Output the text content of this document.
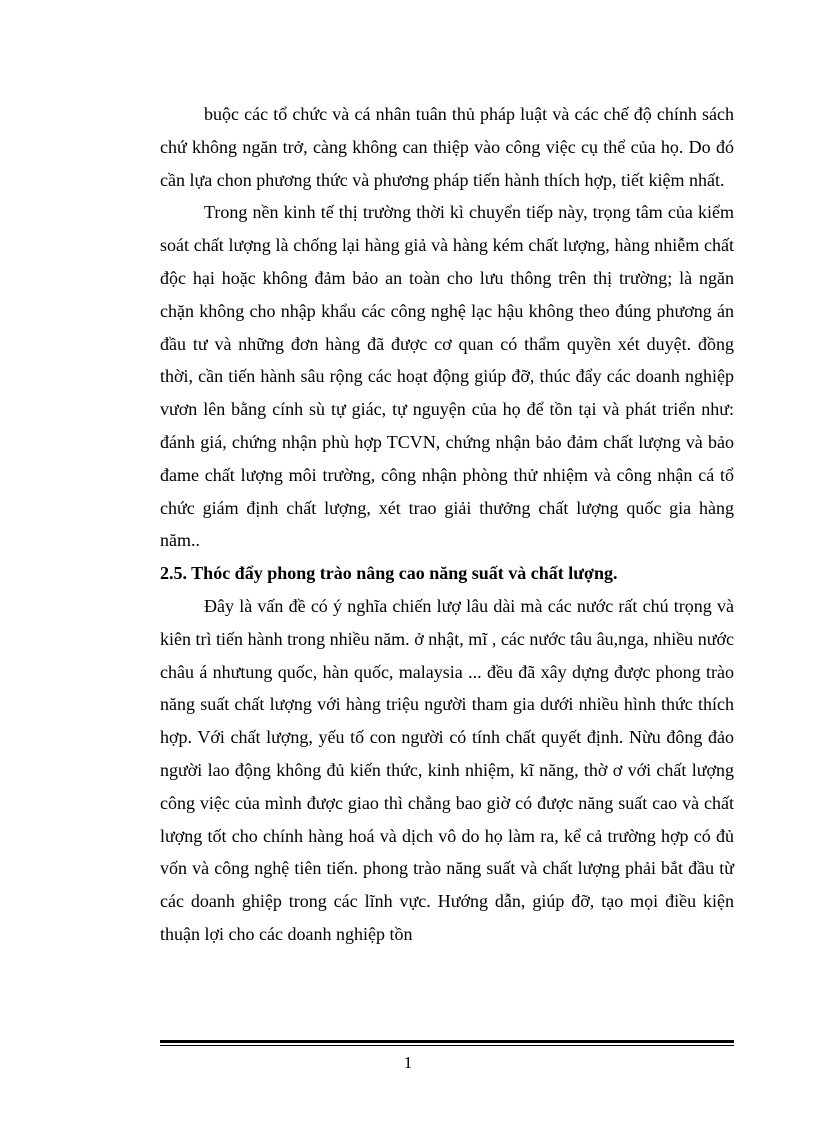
buộc các tổ chức và cá nhân tuân thủ pháp luật và các chế độ chính sách chứ không ngăn trở, càng không can thiệp vào công việc cụ thể của họ. Do đó cần lựa chon phương thức và phương pháp tiến hành thích hợp, tiết kiệm nhất.

Trong nền kinh tế thị trường thời kì chuyển tiếp này, trọng tâm của kiểm soát chất lượng là chống lại hàng giả và hàng kém chất lượng, hàng nhiễm chất độc hại hoặc không đảm bảo an toàn cho lưu thông trên thị trường; là ngăn chặn không cho nhập khẩu các công nghệ lạc hậu không theo đúng phương án đầu tư và những đơn hàng đã được cơ quan có thẩm quyền xét duyệt. đồng thời, cần tiến hành sâu rộng các hoạt động giúp đỡ, thúc đẩy các doanh nghiệp vươn lên bằng cính sù tự giác, tự nguyện của họ để tồn tại và phát triển như: đánh giá, chứng nhận phù hợp TCVN, chứng nhận bảo đảm chất lượng và bảo đame chất lượng môi trường, công nhận phòng thử nhiệm và công nhận cá tổ chức giám định chất lượng, xét trao giải thưởng chất lượng quốc gia hàng năm..

2.5. Thóc đẩy phong trào nâng cao năng suất và chất lượng.

Đây là vấn đề có ý nghĩa chiến lượ lâu dài mà các nước rất chú trọng và kiên trì tiến hành trong nhiều năm. ở nhật, mĩ , các nước tâu âu,nga, nhiều nước châu á nhưtung quốc, hàn quốc, malaysia ... đều đã xây dựng được phong trào năng suất chất lượng với hàng triệu người tham gia dưới nhiều hình thức thích hợp. Với chất lượng, yếu tố con người có tính chất quyết định. Nừu đông đảo người lao động không đủ kiến thức, kinh nhiệm, kĩ năng, thờ ơ với chất lượng công việc của mình được giao thì chẳng bao giờ có được năng suất cao và chất lượng tốt cho chính hàng hoá và dịch vô do họ làm ra, kể cả trường hợp có đủ vốn và công nghệ tiên tiến. phong trào năng suất và chất lượng phải bắt đầu từ các doanh ghiệp trong các lĩnh vực. Hướng dẫn, giúp đỡ, tạo mọi điều kiện thuận lợi cho các doanh nghiệp tồn

1
